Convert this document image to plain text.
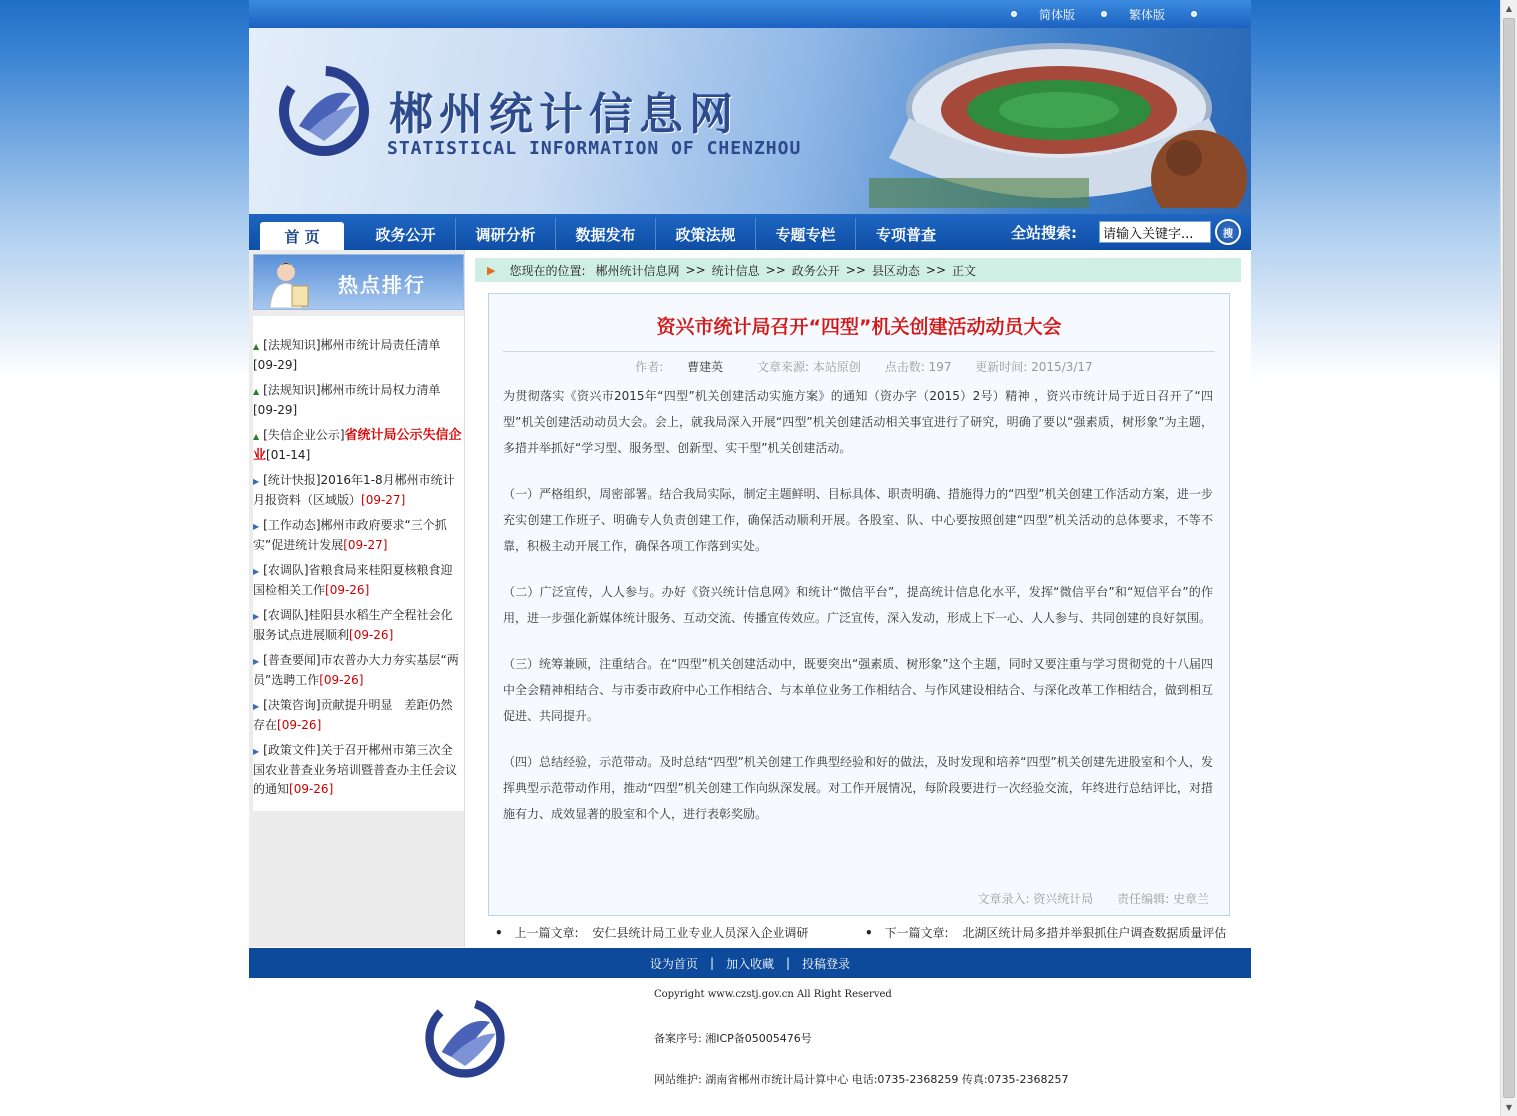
▲
▼
简体版	繁体版
郴州统计信息网
STATISTICAL INFORMATION OF CHENZHOU
首 页	政务公开	调研分析	数据发布	政策法规	专题专栏	专项普查	全站搜索:
请输入关键字...	搜
热点排行
▲ [法规知识]郴州市统计局责任清单
[09-29]
▲ [法规知识]郴州市统计局权力清单
[09-29]
▲ [失信企业公示]省统计局公示失信企业[01-14]
▶ [统计快报]2016年1-8月郴州市统计月报资料（区域版）[09-27]
▶ [工作动态]郴州市政府要求“三个抓实”促进统计发展[09-27]
▶ [农调队]省粮食局来桂阳夏核粮食迎国检相关工作[09-26]
▶ [农调队]桂阳县水稻生产全程社会化服务试点进展顺利[09-26]
▶ [普查要闻]市农普办大力夯实基层“两员”选聘工作[09-26]
▶ [决策咨询]贡献提升明显　差距仍然存在[09-26]
▶ [政策文件]关于召开郴州市第三次全国农业普查业务培训暨普查办主任会议的通知[09-26]
▶ 您现在的位置: 郴州统计信息网 >> 统计信息 >> 政务公开 >> 县区动态 >> 正文
资兴市统计局召开“四型”机关创建活动动员大会
作者: 曹建英	文章来源: 本站原创 点击数: 197 更新时间: 2015/3/17

为贯彻落实《资兴市2015年“四型”机关创建活动实施方案》的通知（资办字（2015）2号）精神 ，资兴市统计局于近日召开了“四型”机关创建活动动员大会。会上，就我局深入开展“四型”机关创建活动相关事宜进行了研究，明确了要以“强素质，树形象”为主题，多措并举抓好“学习型、服务型、创新型、实干型”机关创建活动。

（一）严格组织，周密部署。结合我局实际，制定主题鲜明、目标具体、职责明确、措施得力的“四型”机关创建工作活动方案，进一步充实创建工作班子、明确专人负责创建工作，确保活动顺利开展。各股室、队、中心要按照创建“四型”机关活动的总体要求，不等不靠，积极主动开展工作，确保各项工作落到实处。

（二）广泛宣传，人人参与。办好《资兴统计信息网》和统计“微信平台”，提高统计信息化水平，发挥“微信平台”和“短信平台”的作用，进一步强化新媒体统计服务、互动交流、传播宣传效应。广泛宣传，深入发动，形成上下一心、人人参与、共同创建的良好氛围。

（三）统筹兼顾，注重结合。在“四型”机关创建活动中，既要突出“强素质、树形象”这个主题，同时又要注重与学习贯彻党的十八届四中全会精神相结合、与市委市政府中心工作相结合、与本单位业务工作相结合、与作风建设相结合、与深化改革工作相结合，做到相互促进、共同提升。

（四）总结经验，示范带动。及时总结“四型”机关创建工作典型经验和好的做法，及时发现和培养“四型”机关创建先进股室和个人，发挥典型示范带动作用，推动“四型”机关创建工作向纵深发展。对工作开展情况，每阶段要进行一次经验交流，年终进行总结评比，对措施有力、成效显著的股室和个人，进行表彰奖励。

文章录入: 资兴统计局 责任编辑: 史章兰
• 上一篇文章: 安仁县统计局工业专业人员深入企业调研	• 下一篇文章: 北湖区统计局多措并举狠抓住户调查数据质量评估
设为首页 | 加入收藏 | 投稿登录
Copyright www.czstj.gov.cn All Right Reserved
备案序号: 湘ICP备05005476号
网站维护: 湖南省郴州市统计局计算中心 电话:0735-2368259 传真:0735-2368257
